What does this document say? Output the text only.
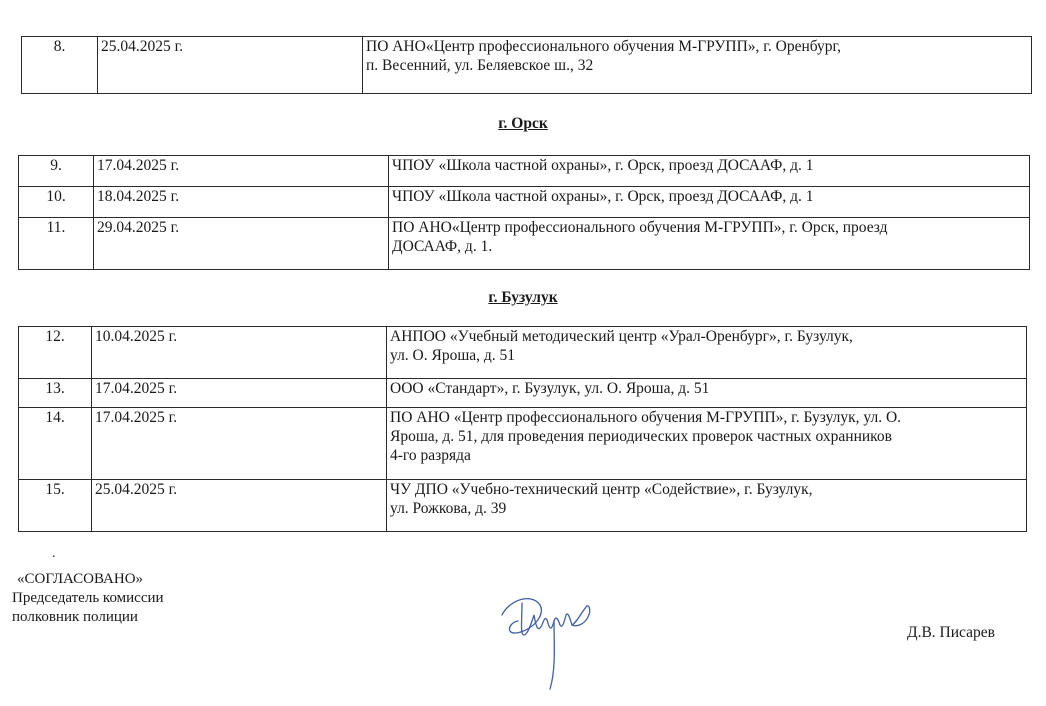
8.	25.04.2025 г.	ПО АНО«Центр профессионального обучения М-ГРУПП», г. Оренбург,
п. Весенний, ул. Беляевское ш., 32
г. Орск
9.	17.04.2025 г.	ЧПОУ «Школа частной охраны», г. Орск, проезд ДОСААФ, д. 1

10.	18.04.2025 г.	ЧПОУ «Школа частной охраны», г. Орск, проезд ДОСААФ, д. 1

11.	29.04.2025 г.	ПО АНО«Центр профессионального обучения М-ГРУПП», г. Орск, проезд
ДОСААФ, д. 1.
г. Бузулук
12.	10.04.2025 г.	АНПОО «Учебный методический центр «Урал-Оренбург», г. Бузулук,
ул. О. Яроша, д. 51

13.	17.04.2025 г.	ООО «Стандарт», г. Бузулук, ул. О. Яроша, д. 51

14.	17.04.2025 г.	ПО АНО «Центр профессионального обучения М-ГРУПП», г. Бузулук, ул. О.
Яроша, д. 51, для проведения периодических проверок частных охранников
4-го разряда

15.	25.04.2025 г.	ЧУ ДПО «Учебно-технический центр «Содействие», г. Бузулук,
ул. Рожкова, д. 39
.
«СОГЛАСОВАНО»
Председатель комиссии
полковник полиции
Д.В. Писарев
